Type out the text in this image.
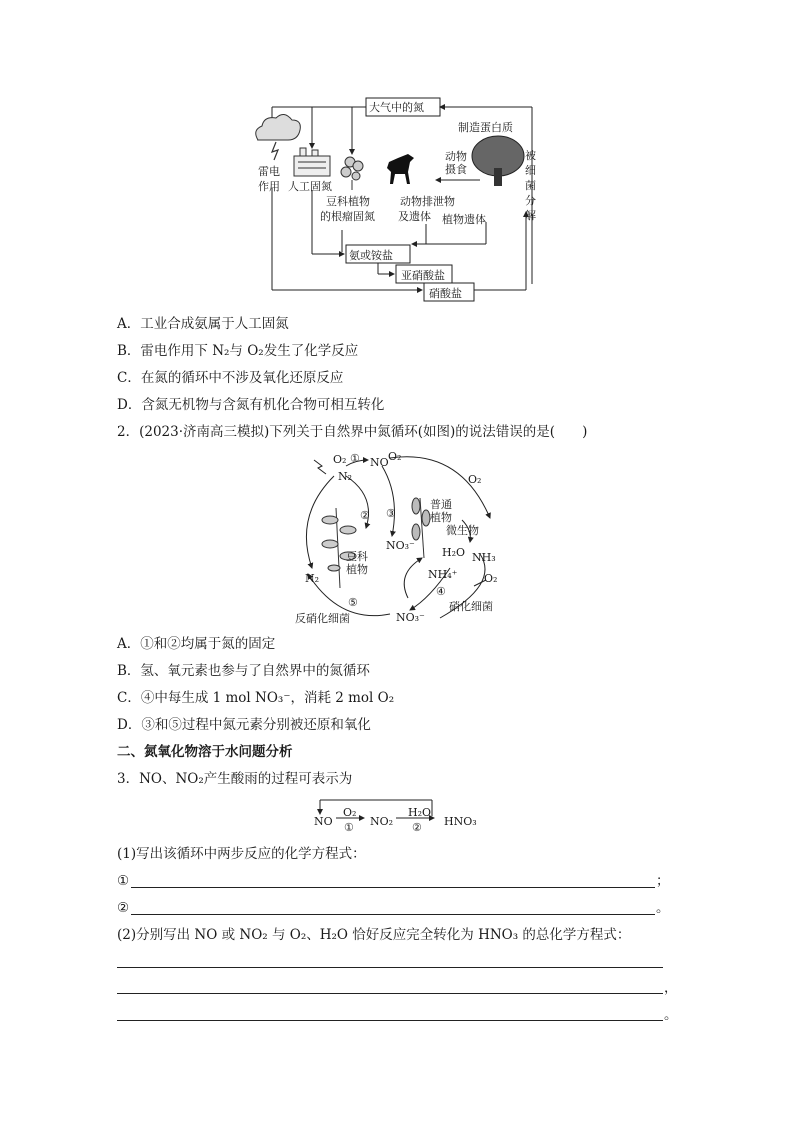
大气中的氮
制造蛋白质
雷电
作用 人工固氮
豆科植物
的根瘤固氮
动物排泄物
及遗体 植物遗体
动物
摄食
被
细
菌
分
解
氨或铵盐
亚硝酸盐
硝酸盐
A．工业合成氨属于人工固氮
B．雷电作用下 N₂与 O₂发生了化学反应
C．在氮的循环中不涉及氧化还原反应
D．含氮无机物与含氮有机化合物可相互转化
2．(2023·济南高三模拟)下列关于自然界中氮循环(如图)的说法错误的是(　　)
O₂ ① NO O₂
N₂
② ③
普通
植物
微生物
O₂
NO₃⁻
H₂O NH₃
豆科
植物	NH₄⁺ O₂
N₂
④
⑤	硝化细菌
反硝化细菌	NO₃⁻
A．①和②均属于氮的固定
B．氢、氧元素也参与了自然界中的氮循环
C．④中每生成 1 mol NO₃⁻，消耗 2 mol O₂
D．③和⑤过程中氮元素分别被还原和氧化
二、氮氧化物溶于水问题分析
3．NO、NO₂产生酸雨的过程可表示为
NO
O₂
① NO₂
H₂O
② HNO₃
(1)写出该循环中两步反应的化学方程式：
①	；
②	。
(2)分别写出 NO 或 NO₂ 与 O₂、H₂O 恰好反应完全转化为 HNO₃ 的总化学方程式：
，
。
